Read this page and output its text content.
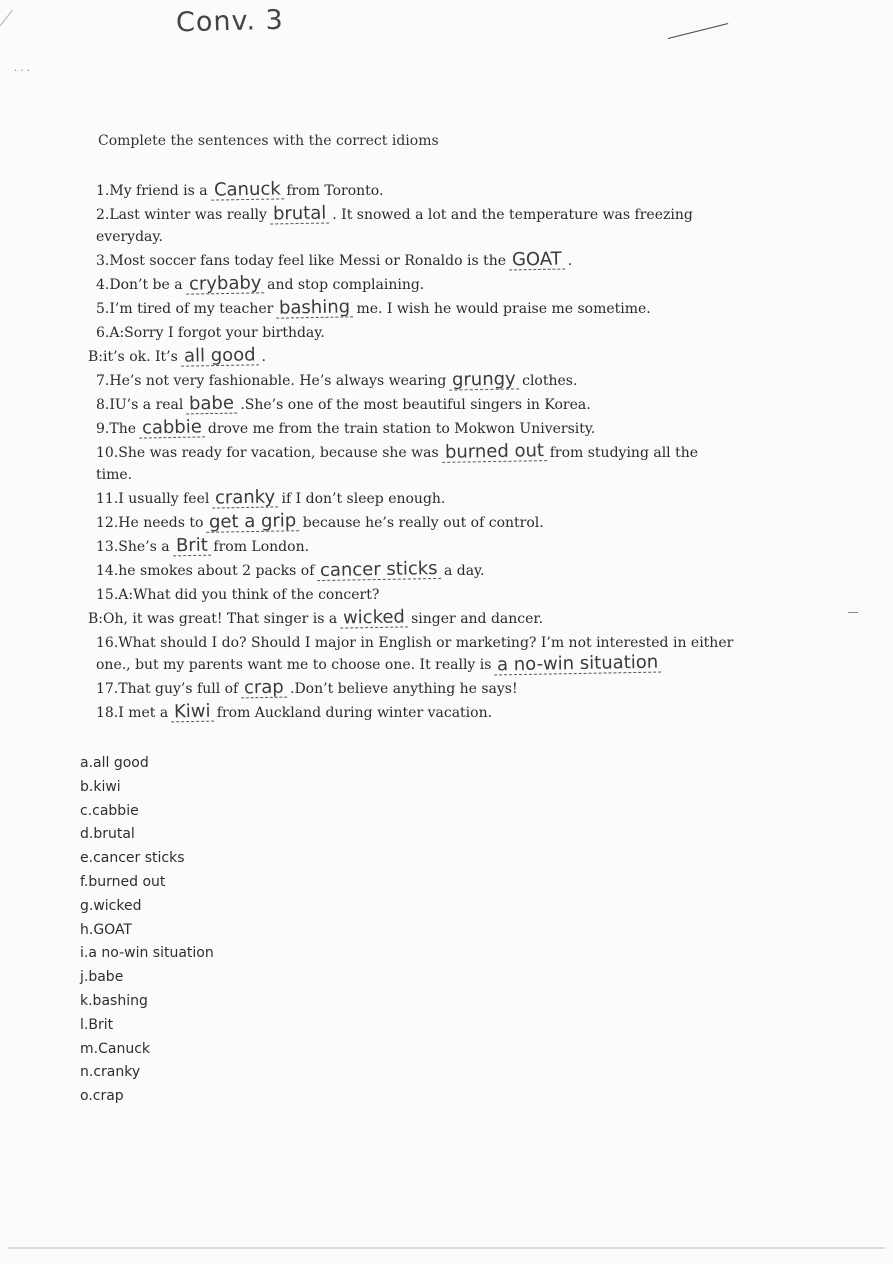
· · ·
Conv. 3
Complete the sentences with the correct idioms

1.My friend is a Canuck from Toronto.

2.Last winter was really brutal . It snowed a lot and the temperature was freezing everyday.

3.Most soccer fans today feel like Messi or Ronaldo is the GOAT .

4.Don’t be a crybaby and stop complaining.

5.I’m tired of my teacher bashing me. I wish he would praise me sometime.

6.A:Sorry I forgot your birthday.

B:it’s ok. It’s all good .

7.He’s not very fashionable. He’s always wearing grungy clothes.

8.IU’s a real babe .She’s one of the most beautiful singers in Korea.

9.The cabbie drove me from the train station to Mokwon University.

10.She was ready for vacation, because she was burned out from studying all the time.

11.I usually feel cranky if I don’t sleep enough.

12.He needs to get a grip because he’s really out of control.

13.She’s a Brit from London.

14.he smokes about 2 packs of cancer sticks a day.

15.A:What did you think of the concert?

B:Oh, it was great! That singer is a wicked singer and dancer.

16.What should I do? Should I major in English or marketing? I’m not interested in either one., but my parents want me to choose one. It really is a no-win situation

17.That guy’s full of crap .Don’t believe anything he says!

18.I met a Kiwi from Auckland during winter vacation.

a.all good
b.kiwi
c.cabbie
d.brutal
e.cancer sticks
f.burned out
g.wicked
h.GOAT
i.a no-win situation
j.babe
k.bashing
l.Brit
m.Canuck
n.cranky
o.crap
